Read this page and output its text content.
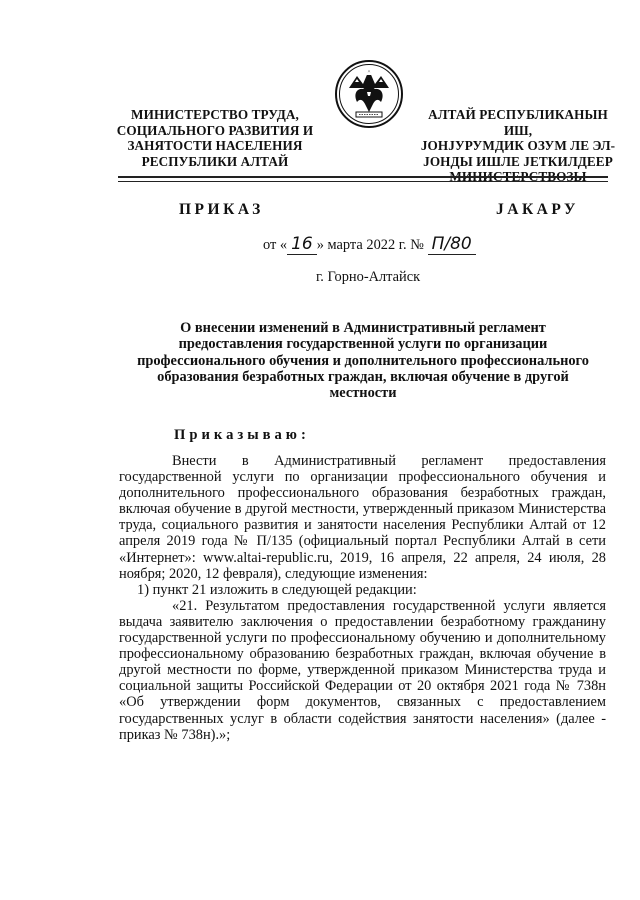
МИНИСТЕРСТВО ТРУДА,
СОЦИАЛЬНОГО РАЗВИТИЯ И
ЗАНЯТОСТИ НАСЕЛЕНИЯ
РЕСПУБЛИКИ АЛТАЙ
АЛТАЙ РЕСПУБЛИКАНЫН ИШ,
ЈОНЈУРУМДИК ОЗУМ ЛЕ ЭЛ-
ЈОНДЫ ИШЛЕ ЈЕТКИЛДЕЕР
МИНИСТЕРСТВОЗЫ
ПРИКАЗ	ЈАКАРУ
от « 16 » марта 2022 г. № П/80
г. Горно-Алтайск
О внесении изменений в Административный регламент
предоставления государственной услуги по организации
профессионального обучения и дополнительного профессионального
образования безработных граждан, включая обучение в другой
местности
Приказываю:

Внести в Административный регламент предоставления государственной услуги по организации профессионального обучения и дополнительного профессионального образования безработных граждан, включая обучение в другой местности, утвержденный приказом Министерства труда, социального развития и занятости населения Республики Алтай от 12 апреля 2019 года № П/135 (официальный портал Республики Алтай в сети «Интернет»: www.altai-republic.ru, 2019, 16 апреля, 22 апреля, 24 июля, 28 ноября; 2020, 12 февраля), следующие изменения:

1) пункт 21 изложить в следующей редакции:

«21. Результатом предоставления государственной услуги является выдача заявителю заключения о предоставлении безработному гражданину государственной услуги по профессиональному обучению и дополнительному профессиональному образованию безработных граждан, включая обучение в другой местности по форме, утвержденной приказом Министерства труда и социальной защиты Российской Федерации от 20 октября 2021 года № 738н «Об утверждении форм документов, связанных с предоставлением государственных услуг в области содействия занятости населения» (далее - приказ № 738н).»;
